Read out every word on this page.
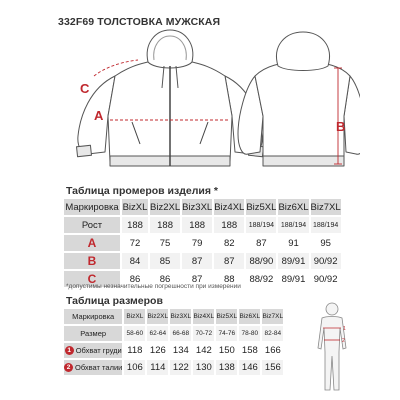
332F69 ТОЛСТОВКА МУЖСКАЯ
C
A
B
Таблица промеров изделия *
Маркировка	BizXL	Biz2XL	Biz3XL	Biz4XL	Biz5XL	Biz6XL	Biz7XL
Рост	188	188	188	188	188/194	188/194	188/194
A	72	75	79	82	87	91	95
B	84	85	87	87	88/90	89/91	90/92
C	86	86	87	88	88/92	89/91	90/92
*допустимы незначительные погрешности при измерении
Таблица размеров
Маркировка	BizXL	Biz2XL	Biz3XL	Biz4XL	Biz5XL	Biz6XL	Biz7XL
Размер	58-60	62-64	66-68	70-72	74-76	78-80	82-84
1 Обхват груди	118	126	134	142	150	158	166
2 Обхват талии	106	114	122	130	138	146	156
1
2
